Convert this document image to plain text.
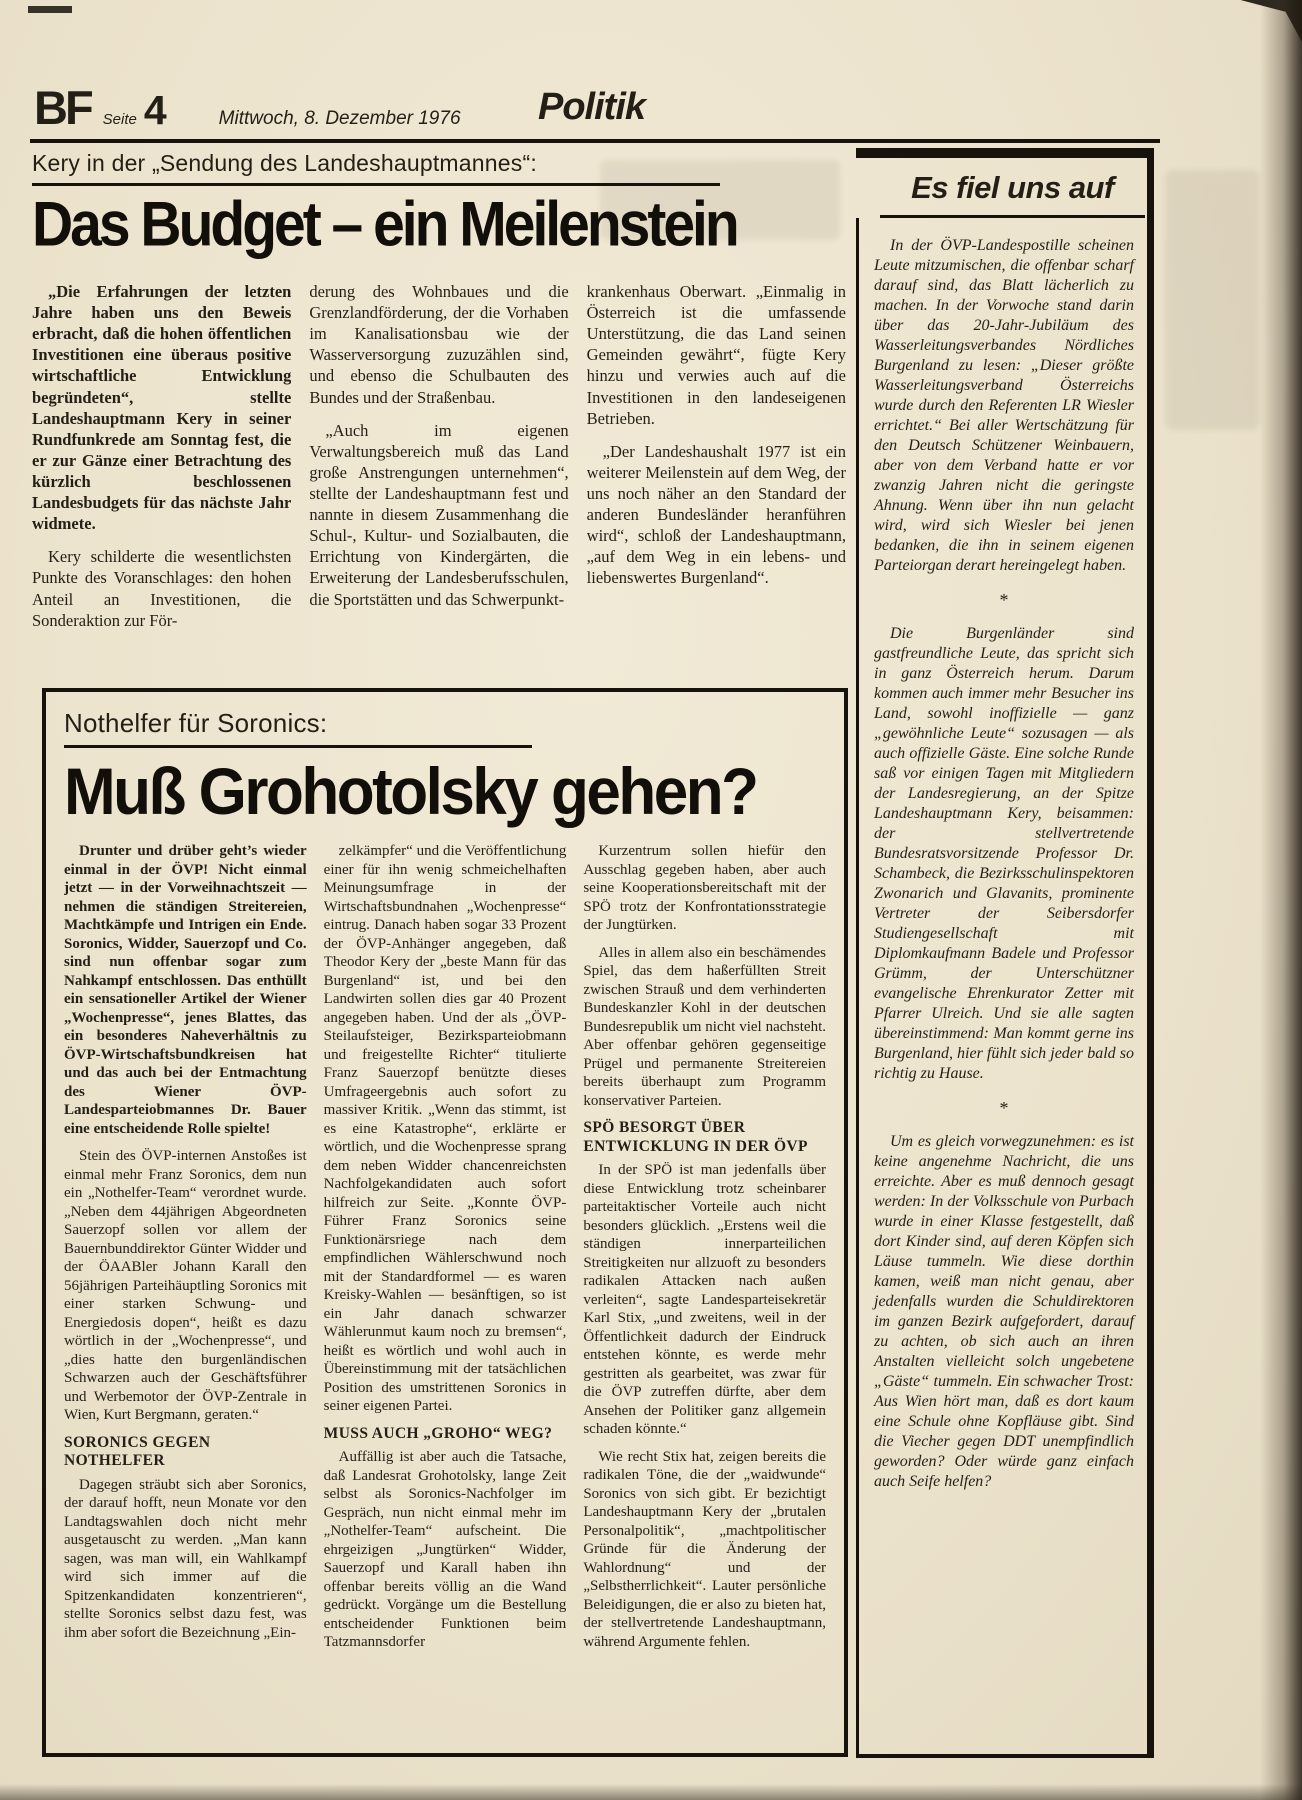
BF Seite 4	Mittwoch, 8. Dezember 1976 Politik
Kery in der „Sendung des Landeshauptmannes“:
Das Budget – ein Meilenstein

„Die Erfahrungen der letzten Jahre haben uns den Beweis erbracht, daß die hohen öffentlichen Investitionen eine überaus positive wirtschaftliche Entwicklung begründeten“, stellte Landeshauptmann Kery in seiner Rundfunkrede am Sonntag fest, die er zur Gänze einer Betrachtung des kürzlich beschlossenen Landesbudgets für das nächste Jahr widmete.

Kery schilderte die wesentlichsten Punkte des Voranschlages: den hohen Anteil an Investitionen, die Sonderaktion zur För-

derung des Wohnbaues und die Grenzlandförderung, der die Vorhaben im Kanalisationsbau wie der Wasserversorgung zuzuzählen sind, und ebenso die Schulbauten des Bundes und der Straßenbau.

„Auch im eigenen Verwaltungsbereich muß das Land große Anstrengungen unternehmen“, stellte der Landeshauptmann fest und nannte in diesem Zusammenhang die Schul-, Kultur- und Sozialbauten, die Errichtung von Kindergärten, die Erweiterung der Landesberufsschulen, die Sportstätten und das Schwerpunkt-

krankenhaus Oberwart. „Einmalig in Österreich ist die umfassende Unterstützung, die das Land seinen Gemeinden gewährt“, fügte Kery hinzu und verwies auch auf die Investitionen in den landeseigenen Betrieben.

„Der Landeshaushalt 1977 ist ein weiterer Meilenstein auf dem Weg, der uns noch näher an den Standard der anderen Bundesländer heranführen wird“, schloß der Landeshauptmann, „auf dem Weg in ein lebens- und liebenswertes Burgenland“.

Es fiel uns auf

In der ÖVP-Landespostille scheinen Leute mitzumischen, die offenbar scharf darauf sind, das Blatt lächerlich zu machen. In der Vorwoche stand darin über das 20-Jahr-Jubiläum des Wasserleitungsverbandes Nördliches Burgenland zu lesen: „Dieser größte Wasserleitungsverband Österreichs wurde durch den Referenten LR Wiesler errichtet.“ Bei aller Wertschätzung für den Deutsch Schützener Weinbauern, aber von dem Verband hatte er vor zwanzig Jahren nicht die geringste Ahnung. Wenn über ihn nun gelacht wird, wird sich Wiesler bei jenen bedanken, die ihn in seinem eigenen Parteiorgan derart hereingelegt haben.

*

Die Burgenländer sind gastfreundliche Leute, das spricht sich in ganz Österreich herum. Darum kommen auch immer mehr Besucher ins Land, sowohl inoffizielle — ganz „gewöhnliche Leute“ sozusagen — als auch offizielle Gäste. Eine solche Runde saß vor einigen Tagen mit Mitgliedern der Landesregierung, an der Spitze Landeshauptmann Kery, beisammen: der stellvertretende Bundesratsvorsitzende Professor Dr. Schambeck, die Bezirksschulinspektoren Zwonarich und Glavanits, prominente Vertreter der Seibersdorfer Studiengesellschaft mit Diplomkaufmann Badele und Professor Grümm, der Unterschützner evangelische Ehrenkurator Zetter mit Pfarrer Ulreich. Und sie alle sagten übereinstimmend: Man kommt gerne ins Burgenland, hier fühlt sich jeder bald so richtig zu Hause.

*

Um es gleich vorwegzunehmen: es ist keine angenehme Nachricht, die uns erreichte. Aber es muß dennoch gesagt werden: In der Volksschule von Purbach wurde in einer Klasse festgestellt, daß dort Kinder sind, auf deren Köpfen sich Läuse tummeln. Wie diese dorthin kamen, weiß man nicht genau, aber jedenfalls wurden die Schuldirektoren im ganzen Bezirk aufgefordert, darauf zu achten, ob sich auch an ihren Anstalten vielleicht solch ungebetene „Gäste“ tummeln. Ein schwacher Trost: Aus Wien hört man, daß es dort kaum eine Schule ohne Kopfläuse gibt. Sind die Viecher gegen DDT unempfindlich geworden? Oder würde ganz einfach auch Seife helfen?

Nothelfer für Soronics:
Muß Grohotolsky gehen?

Drunter und drüber geht’s wieder einmal in der ÖVP! Nicht einmal jetzt — in der Vorweihnachtszeit — nehmen die ständigen Streitereien, Machtkämpfe und Intrigen ein Ende. Soronics, Widder, Sauerzopf und Co. sind nun offenbar sogar zum Nahkampf entschlossen. Das enthüllt ein sensationeller Artikel der Wiener „Wochenpresse“, jenes Blattes, das ein besonderes Naheverhältnis zu ÖVP-Wirtschaftsbundkreisen hat und das auch bei der Entmachtung des Wiener ÖVP-Landesparteiobmannes Dr. Bauer eine entscheidende Rolle spielte!

Stein des ÖVP-internen Anstoßes ist einmal mehr Franz Soronics, dem nun ein „Nothelfer-Team“ verordnet wurde. „Neben dem 44jährigen Abgeordneten Sauerzopf sollen vor allem der Bauernbunddirektor Günter Widder und der ÖAABler Johann Karall den 56jährigen Parteihäuptling Soronics mit einer starken Schwung- und Energiedosis dopen“, heißt es dazu wörtlich in der „Wochenpresse“, und „dies hatte den burgenländischen Schwarzen auch der Geschäftsführer und Werbemotor der ÖVP-Zentrale in Wien, Kurt Bergmann, geraten.“

SORONICS GEGEN NOTHELFER

Dagegen sträubt sich aber Soronics, der darauf hofft, neun Monate vor den Landtagswahlen doch nicht mehr ausgetauscht zu werden. „Man kann sagen, was man will, ein Wahlkampf wird sich immer auf die Spitzenkandidaten konzentrieren“, stellte Soronics selbst dazu fest, was ihm aber sofort die Bezeichnung „Ein-

zelkämpfer“ und die Veröffentlichung einer für ihn wenig schmeichelhaften Meinungsumfrage in der Wirtschaftsbundnahen „Wochenpresse“ eintrug. Danach haben sogar 33 Prozent der ÖVP-Anhänger angegeben, daß Theodor Kery der „beste Mann für das Burgenland“ ist, und bei den Landwirten sollen dies gar 40 Prozent angegeben haben. Und der als „ÖVP-Steilaufsteiger, Bezirksparteiobmann und freigestellte Richter“ titulierte Franz Sauerzopf benützte dieses Umfrageergebnis auch sofort zu massiver Kritik. „Wenn das stimmt, ist es eine Katastrophe“, erklärte er wörtlich, und die Wochenpresse sprang dem neben Widder chancenreichsten Nachfolgekandidaten auch sofort hilfreich zur Seite. „Konnte ÖVP-Führer Franz Soronics seine Funktionärsriege nach dem empfindlichen Wählerschwund noch mit der Standardformel — es waren Kreisky-Wahlen — besänftigen, so ist ein Jahr danach schwarzer Wählerunmut kaum noch zu bremsen“, heißt es wörtlich und wohl auch in Übereinstimmung mit der tatsächlichen Position des umstrittenen Soronics in seiner eigenen Partei.

MUSS AUCH „GROHO“ WEG?

Auffällig ist aber auch die Tatsache, daß Landesrat Grohotolsky, lange Zeit selbst als Soronics-Nachfolger im Gespräch, nun nicht einmal mehr im „Nothelfer-Team“ aufscheint. Die ehrgeizigen „Jungtürken“ Widder, Sauerzopf und Karall haben ihn offenbar bereits völlig an die Wand gedrückt. Vorgänge um die Bestellung entscheidender Funktionen beim Tatzmannsdorfer

Kurzentrum sollen hiefür den Ausschlag gegeben haben, aber auch seine Kooperationsbereitschaft mit der SPÖ trotz der Konfrontationsstrategie der Jungtürken.

Alles in allem also ein beschämendes Spiel, das dem haßerfüllten Streit zwischen Strauß und dem verhinderten Bundeskanzler Kohl in der deutschen Bundesrepublik um nicht viel nachsteht. Aber offenbar gehören gegenseitige Prügel und permanente Streitereien bereits überhaupt zum Programm konservativer Parteien.

SPÖ BESORGT ÜBER ENTWICKLUNG IN DER ÖVP

In der SPÖ ist man jedenfalls über diese Entwicklung trotz scheinbarer parteitaktischer Vorteile auch nicht besonders glücklich. „Erstens weil die ständigen innerparteilichen Streitigkeiten nur allzuoft zu besonders radikalen Attacken nach außen verleiten“, sagte Landesparteisekretär Karl Stix, „und zweitens, weil in der Öffentlichkeit dadurch der Eindruck entstehen könnte, es werde mehr gestritten als gearbeitet, was zwar für die ÖVP zutreffen dürfte, aber dem Ansehen der Politiker ganz allgemein schaden könnte.“

Wie recht Stix hat, zeigen bereits die radikalen Töne, die der „waidwunde“ Soronics von sich gibt. Er bezichtigt Landeshauptmann Kery der „brutalen Personalpolitik“, „machtpolitischer Gründe für die Änderung der Wahlordnung“ und der „Selbstherrlichkeit“. Lauter persönliche Beleidigungen, die er also zu bieten hat, der stellvertretende Landeshauptmann, während Argumente fehlen.
